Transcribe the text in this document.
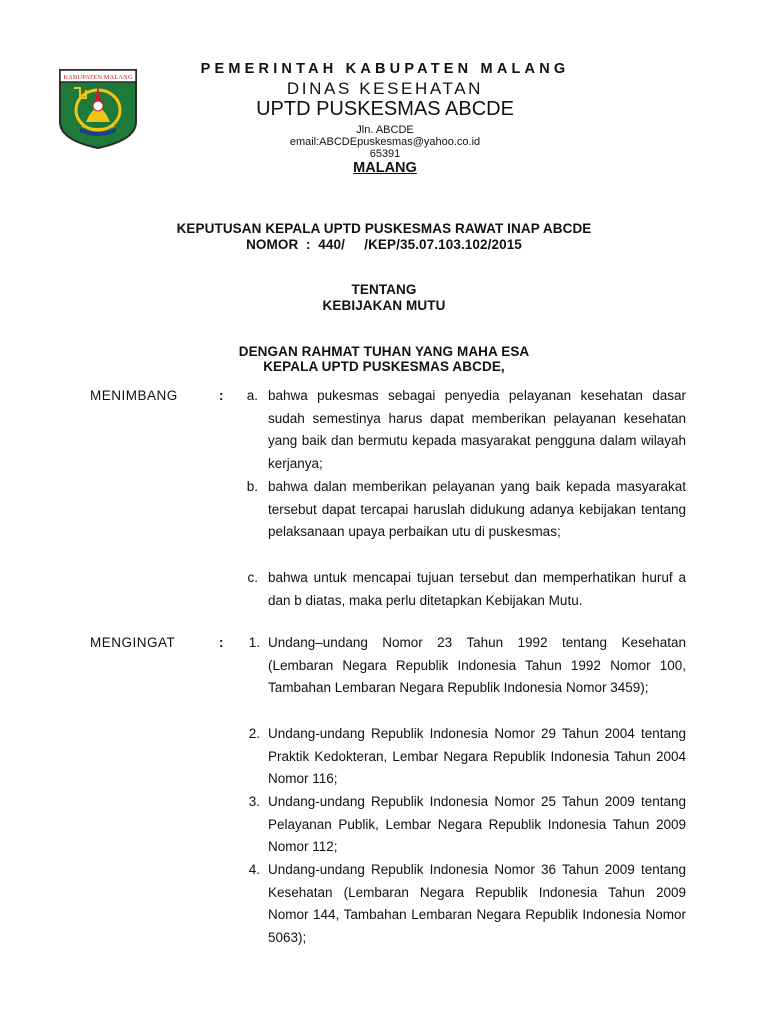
KABUPATEN MALANG

PEMERINTAH KABUPATEN MALANG

DINAS KESEHATAN

UPTD PUSKESMAS ABCDE

Jln. ABCDE

email:ABCDEpuskesmas@yahoo.co.id

65391

MALANG

KEPUTUSAN KEPALA UPTD PUSKESMAS RAWAT INAP ABCDE

NOMOR  :  440/     /KEP/35.07.103.102/2015

TENTANG

KEBIJAKAN MUTU

DENGAN RAHMAT TUHAN YANG MAHA ESA

KEPALA UPTD PUSKESMAS ABCDE,

MENIMBANG	:	a. bahwa pukesmas sebagai penyedia pelayanan kesehatan dasar sudah semestinya harus dapat memberikan pelayanan kesehatan yang baik dan bermutu kepada masyarakat pengguna dalam wilayah kerjanya;

b. bahwa dalan memberikan pelayanan yang baik kepada masyarakat tersebut dapat tercapai haruslah didukung adanya kebijakan tentang pelaksanaan upaya perbaikan utu di puskesmas;

c. bahwa untuk mencapai tujuan tersebut dan memperhatikan huruf a dan b diatas, maka perlu ditetapkan Kebijakan Mutu.

MENGINGAT	:	1. Undang–undang Nomor 23 Tahun 1992 tentang Kesehatan (Lembaran Negara Republik Indonesia Tahun 1992 Nomor 100, Tambahan Lembaran Negara Republik Indonesia Nomor 3459);

2. Undang-undang Republik Indonesia Nomor 29 Tahun 2004 tentang Praktik Kedokteran, Lembar Negara Republik Indonesia Tahun 2004 Nomor 116;

3. Undang-undang Republik Indonesia Nomor 25 Tahun 2009 tentang Pelayanan Publik, Lembar Negara Republik Indonesia Tahun 2009 Nomor 112;

4. Undang-undang Republik Indonesia Nomor 36 Tahun 2009 tentang Kesehatan (Lembaran Negara Republik Indonesia Tahun 2009 Nomor 144, Tambahan Lembaran Negara Republik Indonesia Nomor 5063);
